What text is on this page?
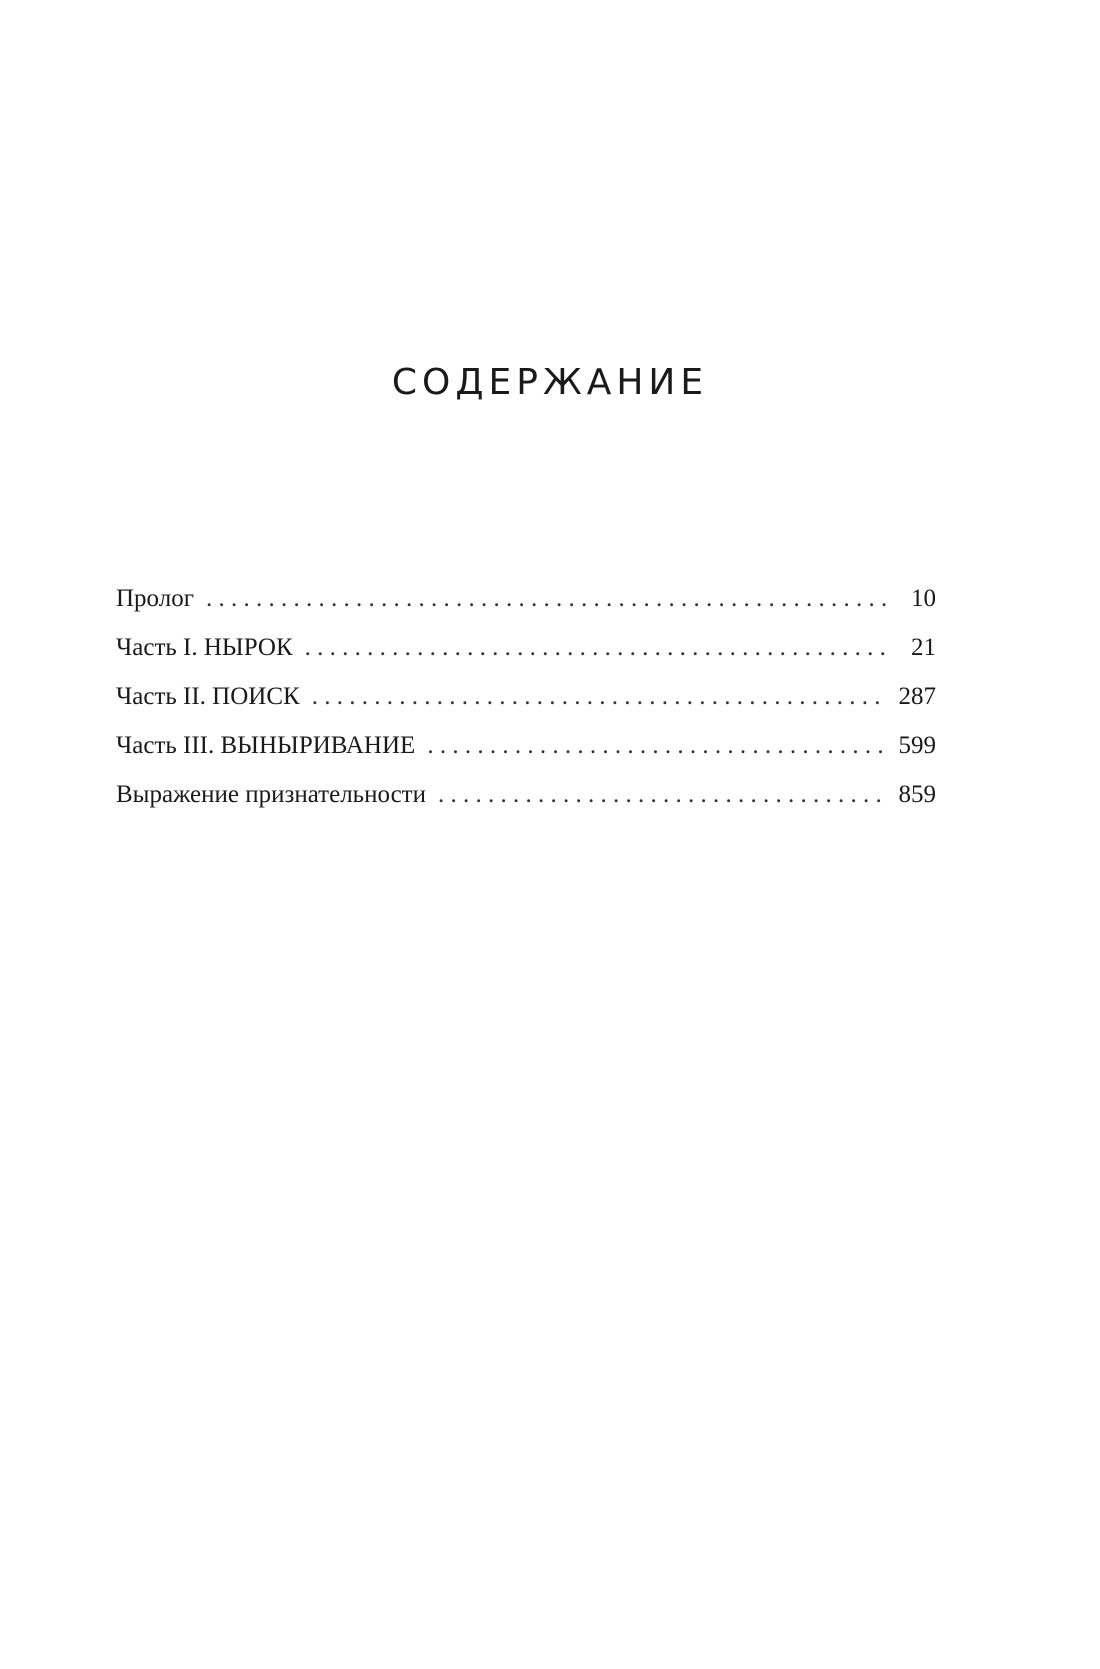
СОДЕРЖАНИЕ
Пролог . . .	10
Часть I. НЫРОК . . .	21
Часть II. ПОИСК . . .	287
Часть III. ВЫНЫРИВАНИЕ . . .	599
Выражение признательности . . .	859
